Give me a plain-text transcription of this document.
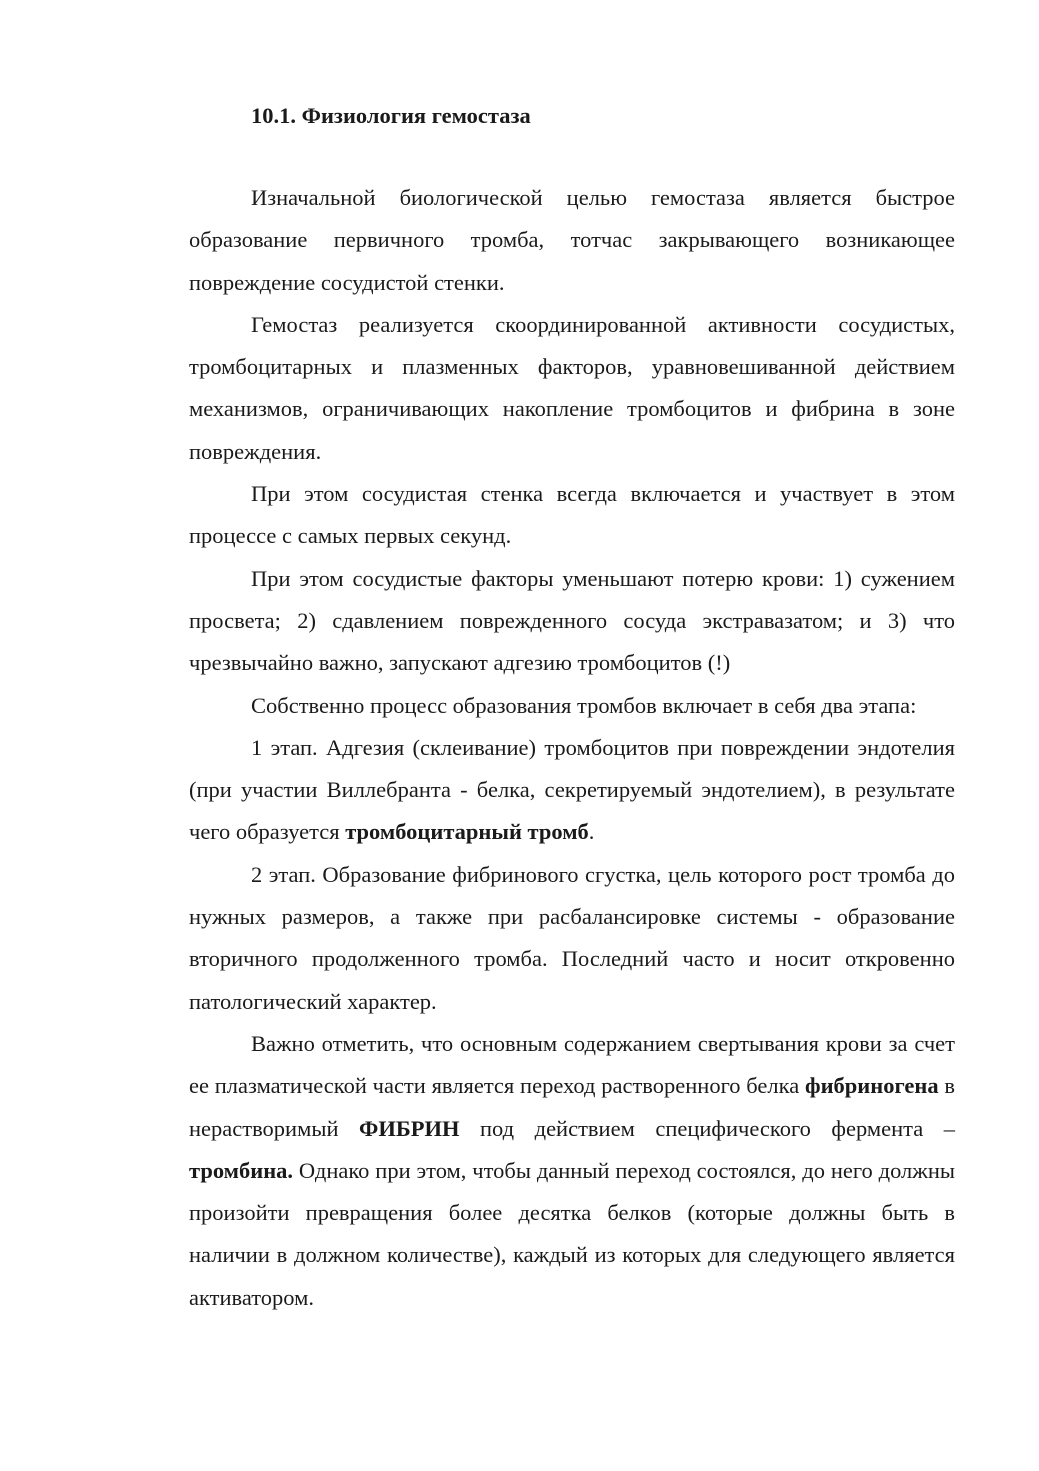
10.1. Физиология гемостаза

Изначальной биологической целью гемостаза является быстрое образование первичного тромба, тотчас закрывающего возникающее повреждение сосудистой стенки.

Гемостаз реализуется скоординированной активности сосудистых, тромбоцитарных и плазменных факторов, уравновешиванной действием механизмов, ограничивающих накопление тромбоцитов и фибрина в зоне повреждения.

При этом сосудистая стенка всегда включается и участвует в этом процессе с самых первых секунд.

При этом сосудистые факторы уменьшают потерю крови: 1) сужением просвета; 2) сдавлением поврежденного сосуда экстравазатом; и 3) что чрезвычайно важно, запускают адгезию тромбоцитов (!)

Собственно процесс образования тромбов включает в себя два этапа:

1 этап. Адгезия (склеивание) тромбоцитов при повреждении эндотелия (при участии Виллебранта - белка, секретируемый эндотелием), в результате чего образуется тромбоцитарный тромб.

2 этап. Образование фибринового сгустка, цель которого рост тромба до нужных размеров, а также при расбалансировке системы - образование вторичного продолженного тромба. Последний часто и носит откровенно патологический характер.

Важно отметить, что основным содержанием свертывания крови за счет ее плазматической части является переход растворенного белка фибриногена в нерастворимый ФИБРИН под действием специфического фермента – тромбина. Однако при этом, чтобы данный переход состоялся, до него должны произойти превращения более десятка белков (которые должны быть в наличии в должном количестве), каждый из которых для следующего является активатором.
